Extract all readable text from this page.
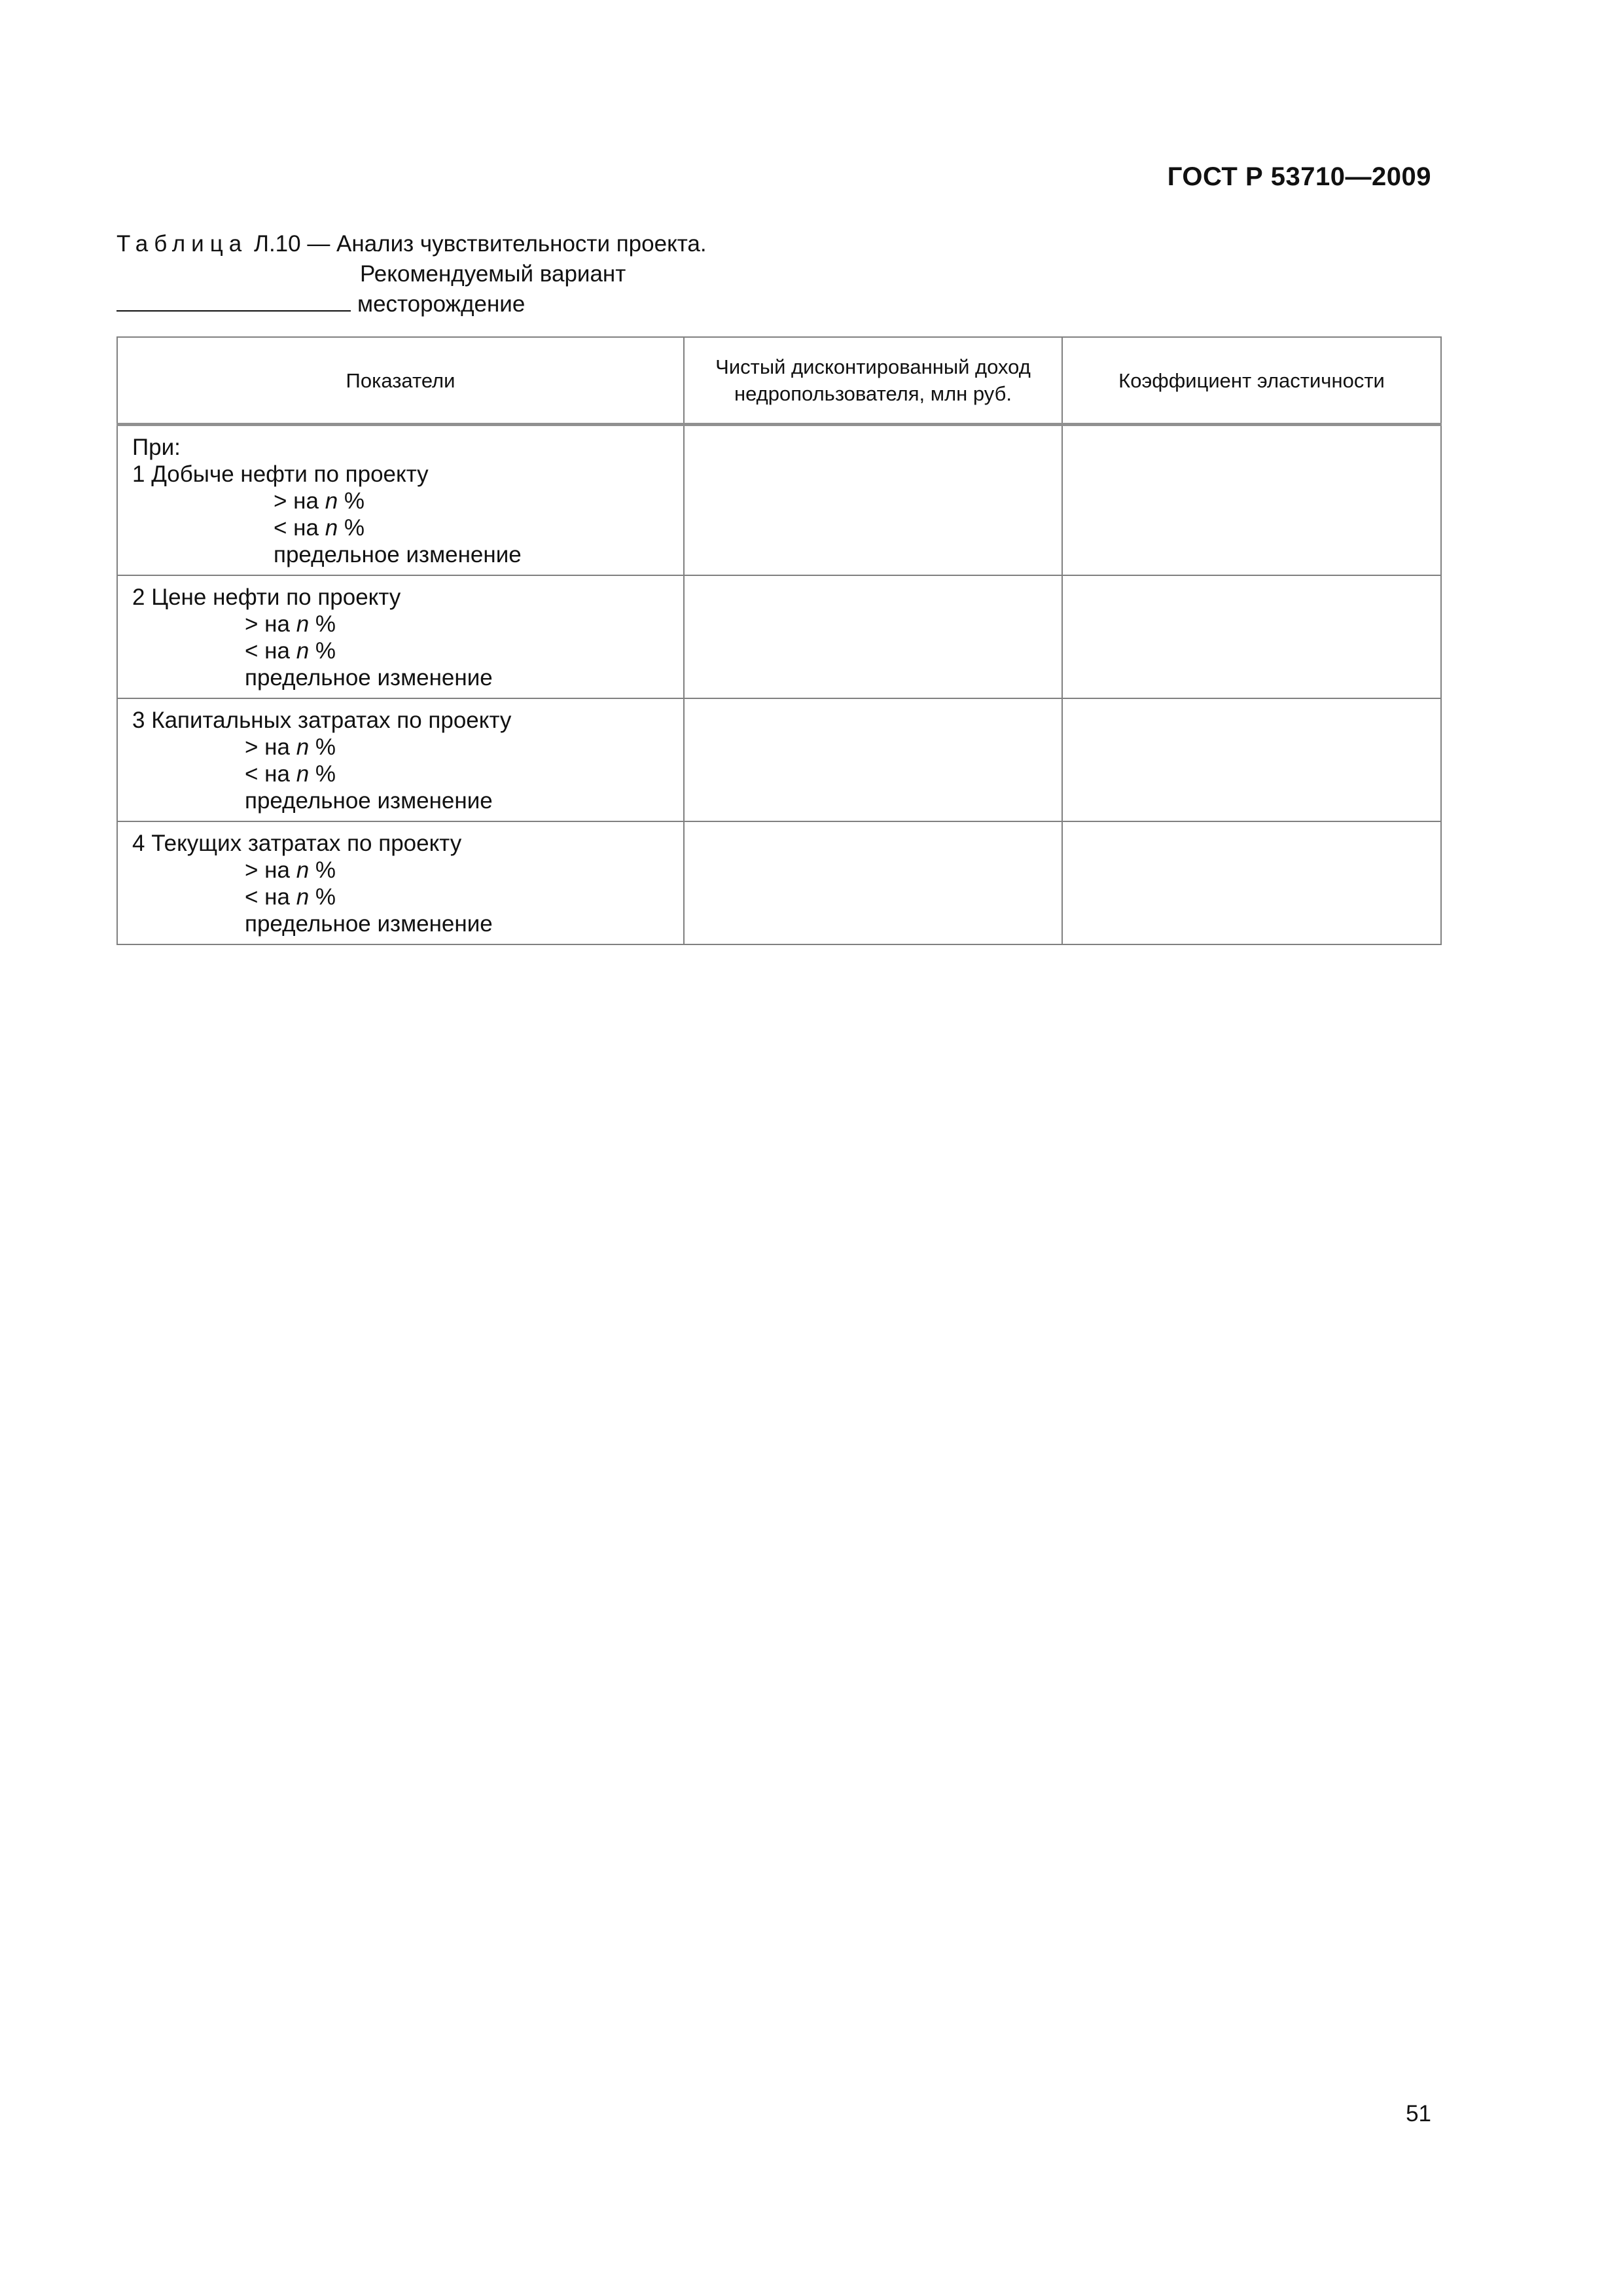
ГОСТ Р 53710—2009
Таблица Л.10 — Анализ чувствительности проекта.
Рекомендуемый вариант
месторождение
Показатели	Чистый дисконтированный доход недропользователя, млн руб.	Коэффициент эластичности

При:
1 Добыче нефти по проекту
> на n %
< на n %
предельное изменение		

2 Цене нефти по проекту
> на n %
< на n %
предельное изменение		

3 Капитальных затратах по проекту
> на n %
< на n %
предельное изменение		

4 Текущих затратах по проекту
> на n %
< на n %
предельное изменение		

51
